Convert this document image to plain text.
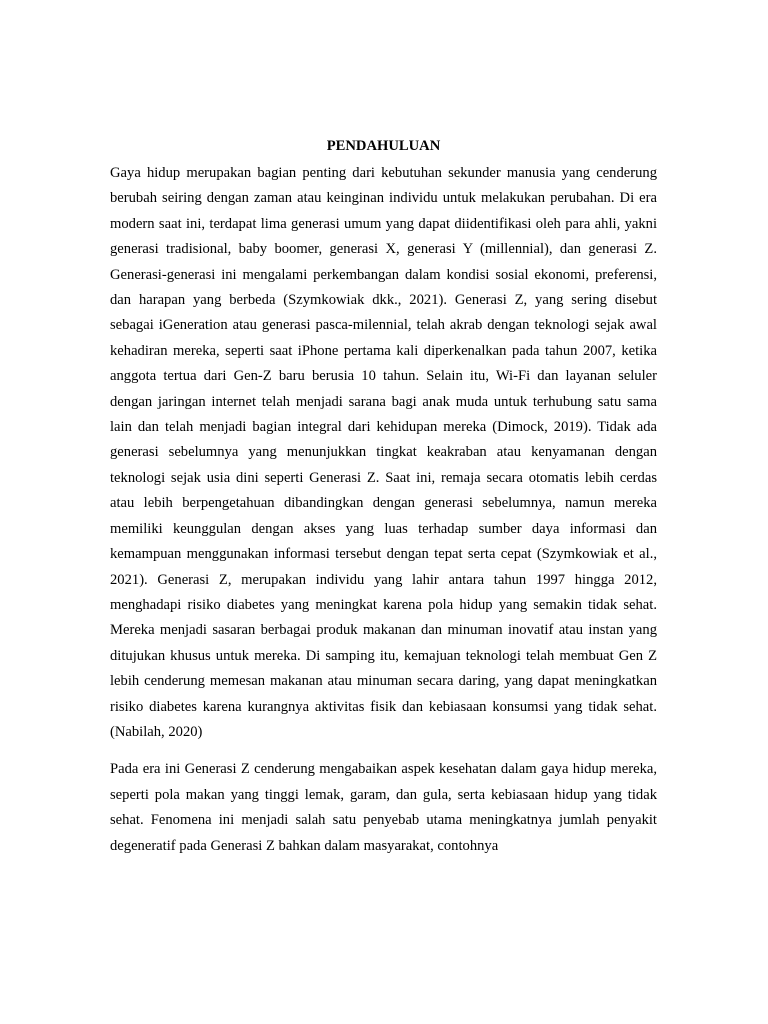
PENDAHULUAN

Gaya hidup merupakan bagian penting dari kebutuhan sekunder manusia yang cenderung berubah seiring dengan zaman atau keinginan individu untuk melakukan perubahan. Di era modern saat ini, terdapat lima generasi umum yang dapat diidentifikasi oleh para ahli, yakni generasi tradisional, baby boomer, generasi X, generasi Y (millennial), dan generasi Z. Generasi-generasi ini mengalami perkembangan dalam kondisi sosial ekonomi, preferensi, dan harapan yang berbeda (Szymkowiak dkk., 2021). Generasi Z, yang sering disebut sebagai iGeneration atau generasi pasca-milennial, telah akrab dengan teknologi sejak awal kehadiran mereka, seperti saat iPhone pertama kali diperkenalkan pada tahun 2007, ketika anggota tertua dari Gen-Z baru berusia 10 tahun. Selain itu, Wi-Fi dan layanan seluler dengan jaringan internet telah menjadi sarana bagi anak muda untuk terhubung satu sama lain dan telah menjadi bagian integral dari kehidupan mereka (Dimock, 2019). Tidak ada generasi sebelumnya yang menunjukkan tingkat keakraban atau kenyamanan dengan teknologi sejak usia dini seperti Generasi Z. Saat ini, remaja secara otomatis lebih cerdas atau lebih berpengetahuan dibandingkan dengan generasi sebelumnya, namun mereka memiliki keunggulan dengan akses yang luas terhadap sumber daya informasi dan kemampuan menggunakan informasi tersebut dengan tepat serta cepat (Szymkowiak et al., 2021). Generasi Z, merupakan individu yang lahir antara tahun 1997 hingga 2012, menghadapi risiko diabetes yang meningkat karena pola hidup yang semakin tidak sehat. Mereka menjadi sasaran berbagai produk makanan dan minuman inovatif atau instan yang ditujukan khusus untuk mereka. Di samping itu, kemajuan teknologi telah membuat Gen Z lebih cenderung memesan makanan atau minuman secara daring, yang dapat meningkatkan risiko diabetes karena kurangnya aktivitas fisik dan kebiasaan konsumsi yang tidak sehat.(Nabilah, 2020)

Pada era ini Generasi Z cenderung mengabaikan aspek kesehatan dalam gaya hidup mereka, seperti pola makan yang tinggi lemak, garam, dan gula, serta kebiasaan hidup yang tidak sehat. Fenomena ini menjadi salah satu penyebab utama meningkatnya jumlah penyakit degeneratif pada Generasi Z bahkan dalam masyarakat, contohnya
